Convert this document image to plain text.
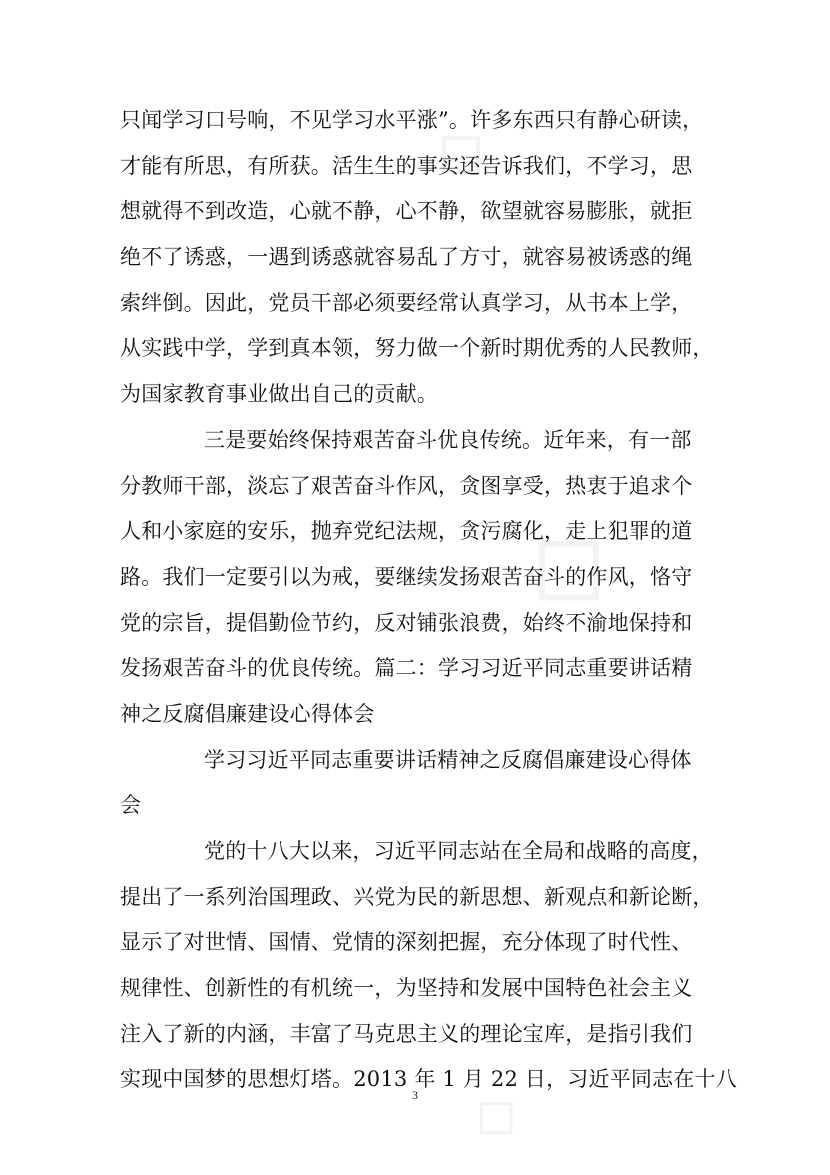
◇
◇
◇
只闻学习口号响，不见学习水平涨”。许多东西只有静心研读，
才能有所思，有所获。活生生的事实还告诉我们，不学习，思
想就得不到改造，心就不静，心不静，欲望就容易膨胀，就拒
绝不了诱惑，一遇到诱惑就容易乱了方寸，就容易被诱惑的绳
索绊倒。因此，党员干部必须要经常认真学习，从书本上学，
从实践中学，学到真本领，努力做一个新时期优秀的人民教师，
为国家教育事业做出自己的贡献。
三是要始终保持艰苦奋斗优良传统。近年来，有一部
分教师干部，淡忘了艰苦奋斗作风，贪图享受，热衷于追求个
人和小家庭的安乐，抛弃党纪法规，贪污腐化，走上犯罪的道
路。我们一定要引以为戒，要继续发扬艰苦奋斗的作风，恪守
党的宗旨，提倡勤俭节约，反对铺张浪费，始终不渝地保持和
发扬艰苦奋斗的优良传统。篇二：学习习近平同志重要讲话精
神之反腐倡廉建设心得体会
学习习近平同志重要讲话精神之反腐倡廉建设心得体
会
党的十八大以来，习近平同志站在全局和战略的高度，
提出了一系列治国理政、兴党为民的新思想、新观点和新论断，
显示了对世情、国情、党情的深刻把握，充分体现了时代性、
规律性、创新性的有机统一，为坚持和发展中国特色社会主义
注入了新的内涵，丰富了马克思主义的理论宝库，是指引我们
实现中国梦的思想灯塔。2013 年 1 月 22 日，习近平同志在十八
3
